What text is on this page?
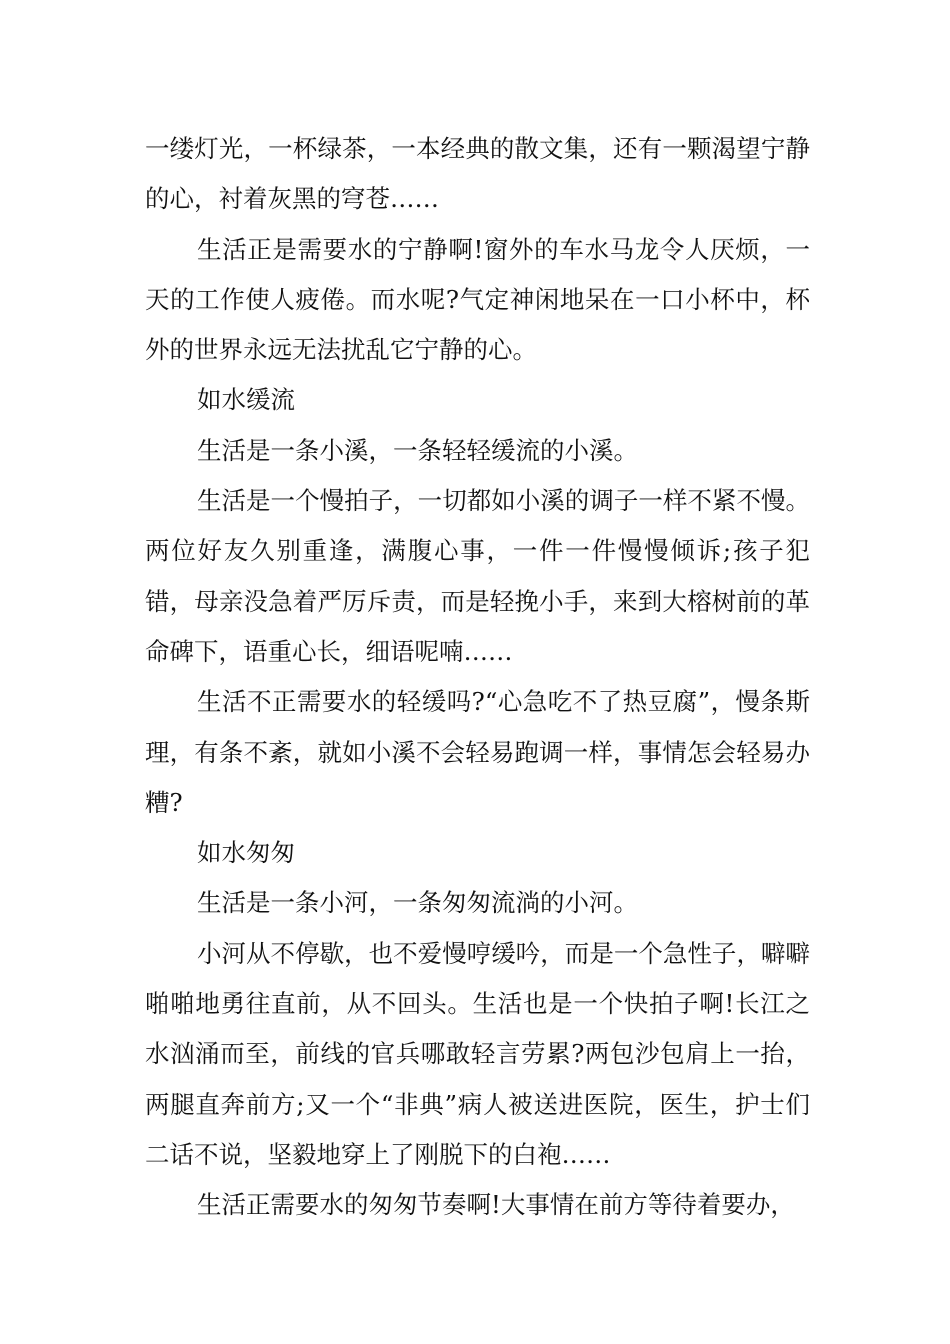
一缕灯光，一杯绿茶，一本经典的散文集，还有一颗渴望宁静的心，衬着灰黑的穹苍……

生活正是需要水的宁静啊!窗外的车水马龙令人厌烦，一天的工作使人疲倦。而水呢?气定神闲地呆在一口小杯中，杯外的世界永远无法扰乱它宁静的心。

如水缓流

生活是一条小溪，一条轻轻缓流的小溪。

生活是一个慢拍子，一切都如小溪的调子一样不紧不慢。两位好友久别重逢，满腹心事，一件一件慢慢倾诉;孩子犯错，母亲没急着严厉斥责，而是轻挽小手，来到大榕树前的革命碑下，语重心长，细语呢喃……

生活不正需要水的轻缓吗?“心急吃不了热豆腐”，慢条斯理，有条不紊，就如小溪不会轻易跑调一样，事情怎会轻易办糟?

如水匆匆

生活是一条小河，一条匆匆流淌的小河。

小河从不停歇，也不爱慢哼缓吟，而是一个急性子，噼噼啪啪地勇往直前，从不回头。生活也是一个快拍子啊!长江之水汹涌而至，前线的官兵哪敢轻言劳累?两包沙包肩上一抬，两腿直奔前方;又一个“非典”病人被送进医院，医生，护士们二话不说，坚毅地穿上了刚脱下的白袍……

生活正需要水的匆匆节奏啊!大事情在前方等待着要办，
